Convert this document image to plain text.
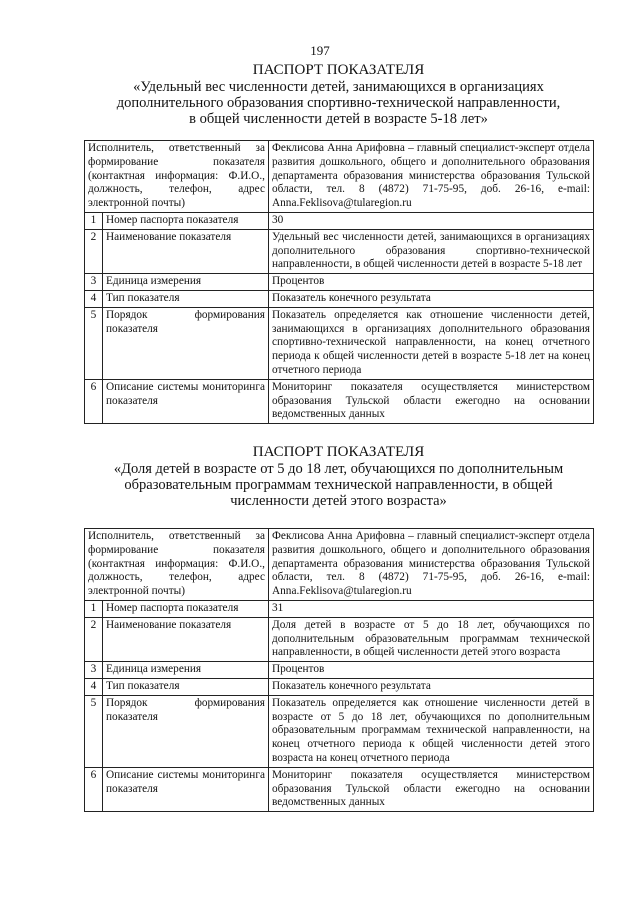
197
ПАСПОРТ ПОКАЗАТЕЛЯ

«Удельный вес численности детей, занимающихся в организациях
дополнительного образования спортивно-технической направленности,
в общей численности детей в возрасте 5-18 лет»

Исполнитель, ответственный за формирование показателя (контактная информация: Ф.И.О., должность, телефон, адрес электронной почты)		Феклисова Анна Арифовна – главный специалист-эксперт отдела развития дошкольного, общего и дополнительного образования департамента образования министерства образования Тульской области, тел. 8 (4872) 71-75-95, доб. 26-16, e-mail: Anna.Feklisova@tularegion.ru
1	Номер паспорта показателя	30
2	Наименование показателя	Удельный вес численности детей, занимающихся в организациях дополнительного образования спортивно-технической направленности, в общей численности детей в возрасте 5-18 лет
3	Единица измерения	Процентов
4	Тип показателя	Показатель конечного результата
5	Порядок формирования показателя	Показатель определяется как отношение численности детей, занимающихся в организациях дополнительного образования спортивно-технической направленности, на конец отчетного периода к общей численности детей в возрасте 5-18 лет на конец отчетного периода
6	Описание системы мониторинга показателя	Мониторинг показателя осуществляется министерством образования Тульской области ежегодно на основании ведомственных данных
ПАСПОРТ ПОКАЗАТЕЛЯ

«Доля детей в возрасте от 5 до 18 лет, обучающихся по дополнительным
образовательным программам технической направленности, в общей
численности детей этого возраста»

Исполнитель, ответственный за формирование показателя (контактная информация: Ф.И.О., должность, телефон, адрес электронной почты)		Феклисова Анна Арифовна – главный специалист-эксперт отдела развития дошкольного, общего и дополнительного образования департамента образования министерства образования Тульской области, тел. 8 (4872) 71-75-95, доб. 26-16, e-mail: Anna.Feklisova@tularegion.ru
1	Номер паспорта показателя	31
2	Наименование показателя	Доля детей в возрасте от 5 до 18 лет, обучающихся по дополнительным образовательным программам технической направленности, в общей численности детей этого возраста
3	Единица измерения	Процентов
4	Тип показателя	Показатель конечного результата
5	Порядок формирования показателя	Показатель определяется как отношение численности детей в возрасте от 5 до 18 лет, обучающихся по дополнительным образовательным программам технической направленности, на конец отчетного периода к общей численности детей этого возраста на конец отчетного периода
6	Описание системы мониторинга показателя	Мониторинг показателя осуществляется министерством образования Тульской области ежегодно на основании ведомственных данных
